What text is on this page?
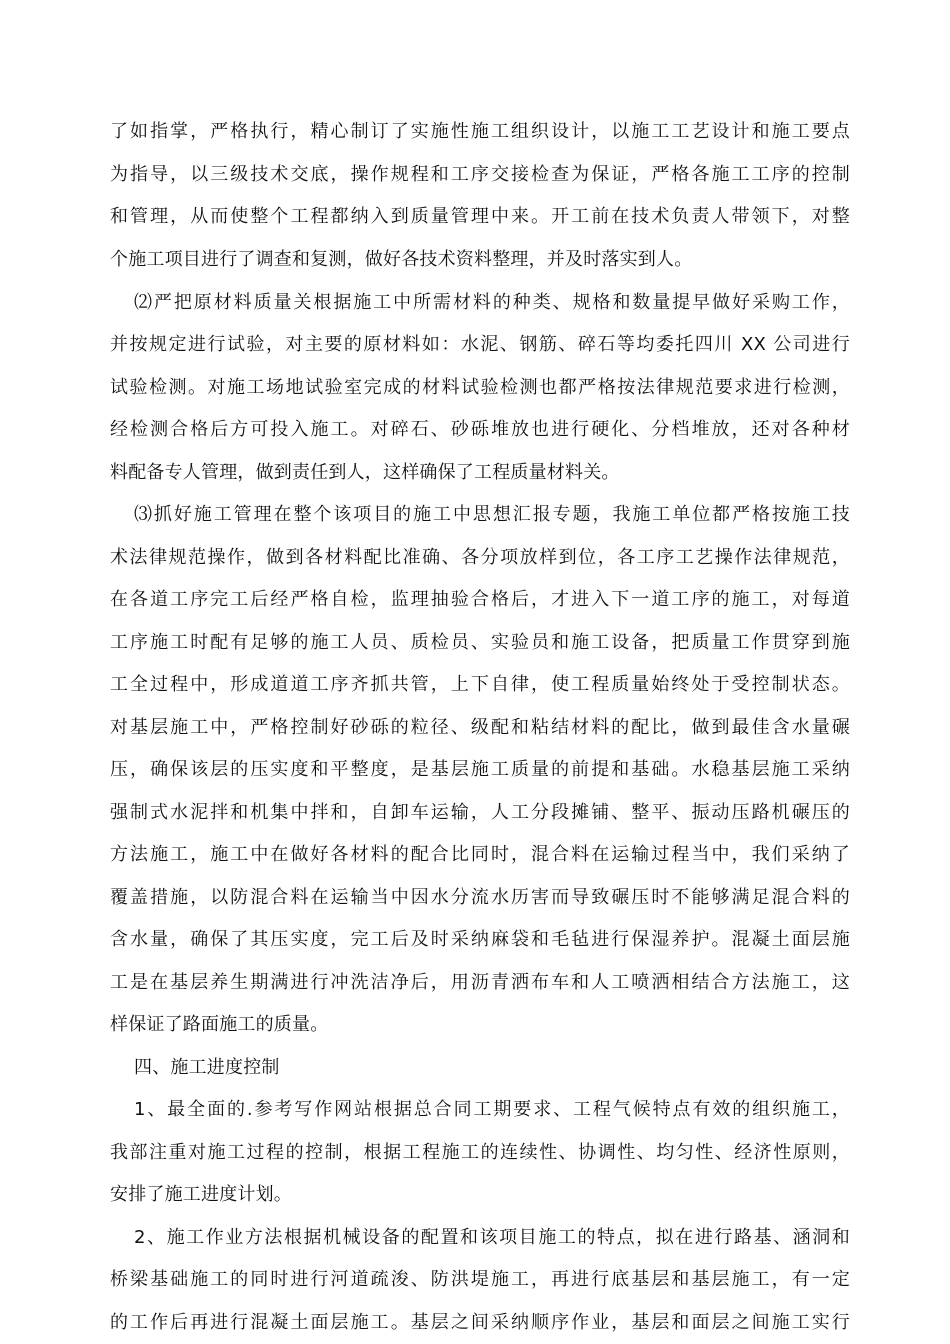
了如指掌，严格执行，精心制订了实施性施工组织设计，以施工工艺设计和施工要点
为指导，以三级技术交底，操作规程和工序交接检查为保证，严格各施工工序的控制
和管理，从而使整个工程都纳入到质量管理中来。开工前在技术负责人带领下，对整
个施工项目进行了调查和复测，做好各技术资料整理，并及时落实到人。
⑵严把原材料质量关根据施工中所需材料的种类、规格和数量提早做好采购工作，
并按规定进行试验，对主要的原材料如：水泥、钢筋、碎石等均委托四川 XX 公司进行
试验检测。对施工场地试验室完成的材料试验检测也都严格按法律规范要求进行检测，
经检测合格后方可投入施工。对碎石、砂砾堆放也进行硬化、分档堆放，还对各种材
料配备专人管理，做到责任到人，这样确保了工程质量材料关。
⑶抓好施工管理在整个该项目的施工中思想汇报专题，我施工单位都严格按施工技
术法律规范操作，做到各材料配比准确、各分项放样到位，各工序工艺操作法律规范，
在各道工序完工后经严格自检，监理抽验合格后，才进入下一道工序的施工，对每道
工序施工时配有足够的施工人员、质检员、实验员和施工设备，把质量工作贯穿到施
工全过程中，形成道道工序齐抓共管，上下自律，使工程质量始终处于受控制状态。
对基层施工中，严格控制好砂砾的粒径、级配和粘结材料的配比，做到最佳含水量碾
压，确保该层的压实度和平整度，是基层施工质量的前提和基础。水稳基层施工采纳
强制式水泥拌和机集中拌和，自卸车运输，人工分段摊铺、整平、振动压路机碾压的
方法施工，施工中在做好各材料的配合比同时，混合料在运输过程当中，我们采纳了
覆盖措施，以防混合料在运输当中因水分流水历害而导致碾压时不能够满足混合料的
含水量，确保了其压实度，完工后及时采纳麻袋和毛毡进行保湿养护。混凝土面层施
工是在基层养生期满进行冲洗洁净后，用沥青洒布车和人工喷洒相结合方法施工，这
样保证了路面施工的质量。
四、施工进度控制
1、最全面的.参考写作网站根据总合同工期要求、工程气候特点有效的组织施工，
我部注重对施工过程的控制，根据工程施工的连续性、协调性、均匀性、经济性原则，
安排了施工进度计划。
2、施工作业方法根据机械设备的配置和该项目施工的特点，拟在进行路基、涵洞和
桥梁基础施工的同时进行河道疏浚、防洪堤施工，再进行底基层和基层施工，有一定
的工作后再进行混凝土面层施工。基层之间采纳顺序作业，基层和面层之间施工实行
